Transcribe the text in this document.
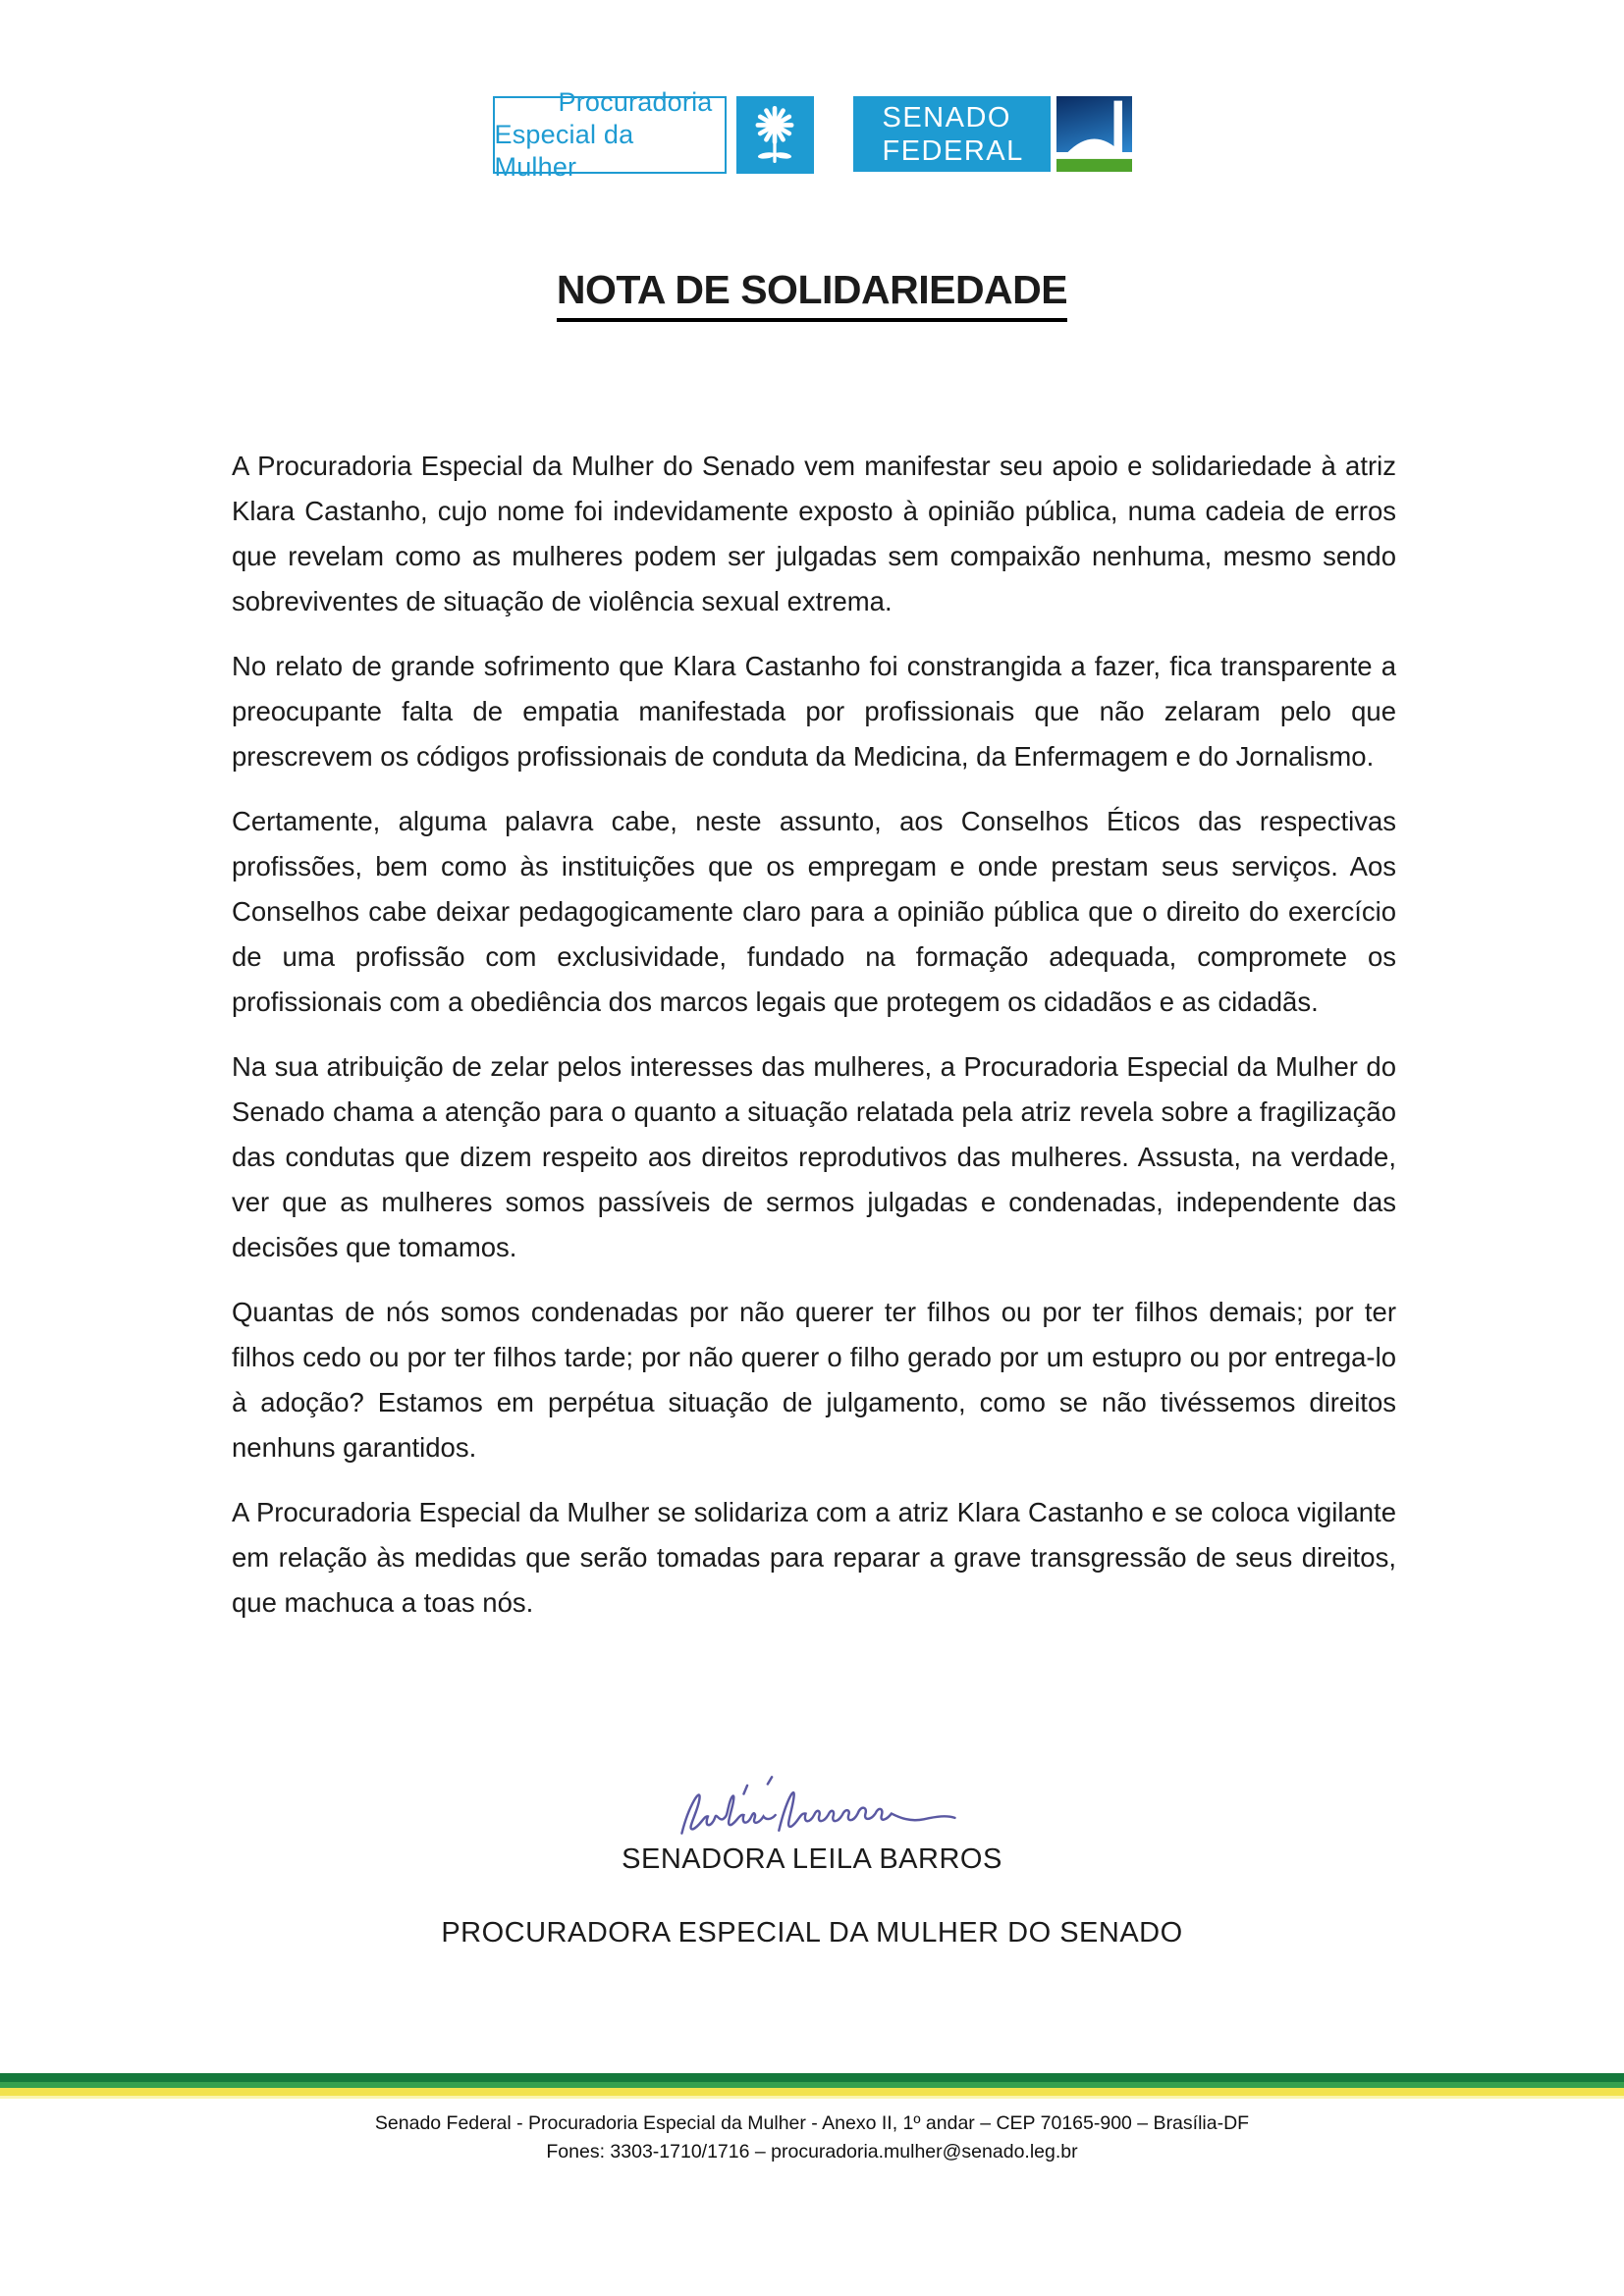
Procuradoria
Especial da Mulher
SENADO
FEDERAL
NOTA DE SOLIDARIEDADE

A Procuradoria Especial da Mulher do Senado vem manifestar seu apoio e solidariedade à atriz Klara Castanho, cujo nome foi indevidamente exposto à opinião pública, numa cadeia de erros que revelam como as mulheres podem ser julgadas sem compaixão nenhuma, mesmo sendo sobreviventes de situação de violência sexual extrema.

No relato de grande sofrimento que Klara Castanho foi constrangida a fazer, fica transparente a preocupante falta de empatia manifestada por profissionais que não zelaram pelo que prescrevem os códigos profissionais de conduta da Medicina, da Enfermagem e do Jornalismo.

Certamente, alguma palavra cabe, neste assunto, aos Conselhos Éticos das respectivas profissões, bem como às instituições que os empregam e onde prestam seus serviços. Aos Conselhos cabe deixar pedagogicamente claro para a opinião pública que o direito do exercício de uma profissão com exclusividade, fundado na formação adequada, compromete os profissionais com a obediência dos marcos legais que protegem os cidadãos e as cidadãs.

Na sua atribuição de zelar pelos interesses das mulheres, a Procuradoria Especial da Mulher do Senado chama a atenção para o quanto a situação relatada pela atriz revela sobre a fragilização das condutas que dizem respeito aos direitos reprodutivos das mulheres. Assusta, na verdade, ver que as mulheres somos passíveis de sermos julgadas e condenadas, independente das decisões que tomamos.

Quantas de nós somos condenadas por não querer ter filhos ou por ter filhos demais; por ter filhos cedo ou por ter filhos tarde; por não querer o filho gerado por um estupro ou por entrega-lo à adoção? Estamos em perpétua situação de julgamento, como se não tivéssemos direitos nenhuns garantidos.

A Procuradoria Especial da Mulher se solidariza com a atriz Klara Castanho e se coloca vigilante em relação às medidas que serão tomadas para reparar a grave transgressão de seus direitos, que machuca a toas nós.

SENADORA LEILA BARROS
PROCURADORA ESPECIAL DA MULHER DO SENADO
Senado Federal - Procuradoria Especial da Mulher - Anexo II, 1º andar – CEP 70165-900 – Brasília-DF
Fones: 3303-1710/1716 – procuradoria.mulher@senado.leg.br
